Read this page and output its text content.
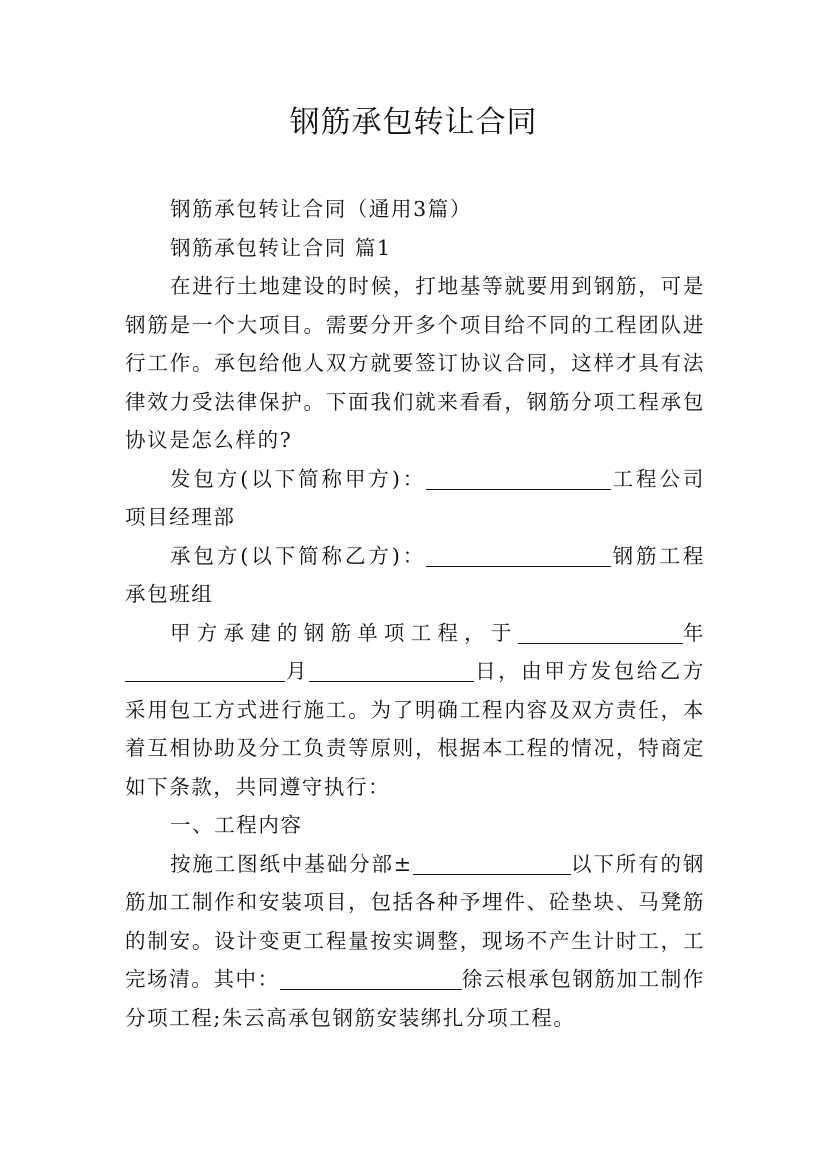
钢筋承包转让合同

钢筋承包转让合同（通用3篇）

钢筋承包转让合同 篇1

在进行土地建设的时候，打地基等就要用到钢筋，可是钢筋是一个大项目。需要分开多个项目给不同的工程团队进行工作。承包给他人双方就要签订协议合同，这样才具有法律效力受法律保护。下面我们就来看看，钢筋分项工程承包协议是怎么样的?

发包方(以下简称甲方)：	工程公司项目经理部

承包方(以下简称乙方)：	钢筋工程承包班组

甲方承建的钢筋单项工程，于	年月	日，由甲方发包给乙方采用包工方式进行施工。为了明确工程内容及双方责任，本着互相协助及分工负责等原则，根据本工程的情况，特商定如下条款，共同遵守执行：

一、工程内容

按施工图纸中基础分部±	以下所有的钢筋加工制作和安装项目，包括各种予埋件、砼垫块、马凳筋的制安。设计变更工程量按实调整，现场不产生计时工，工完场清。其中：	徐云根承包钢筋加工制作分项工程;朱云高承包钢筋安装绑扎分项工程。
